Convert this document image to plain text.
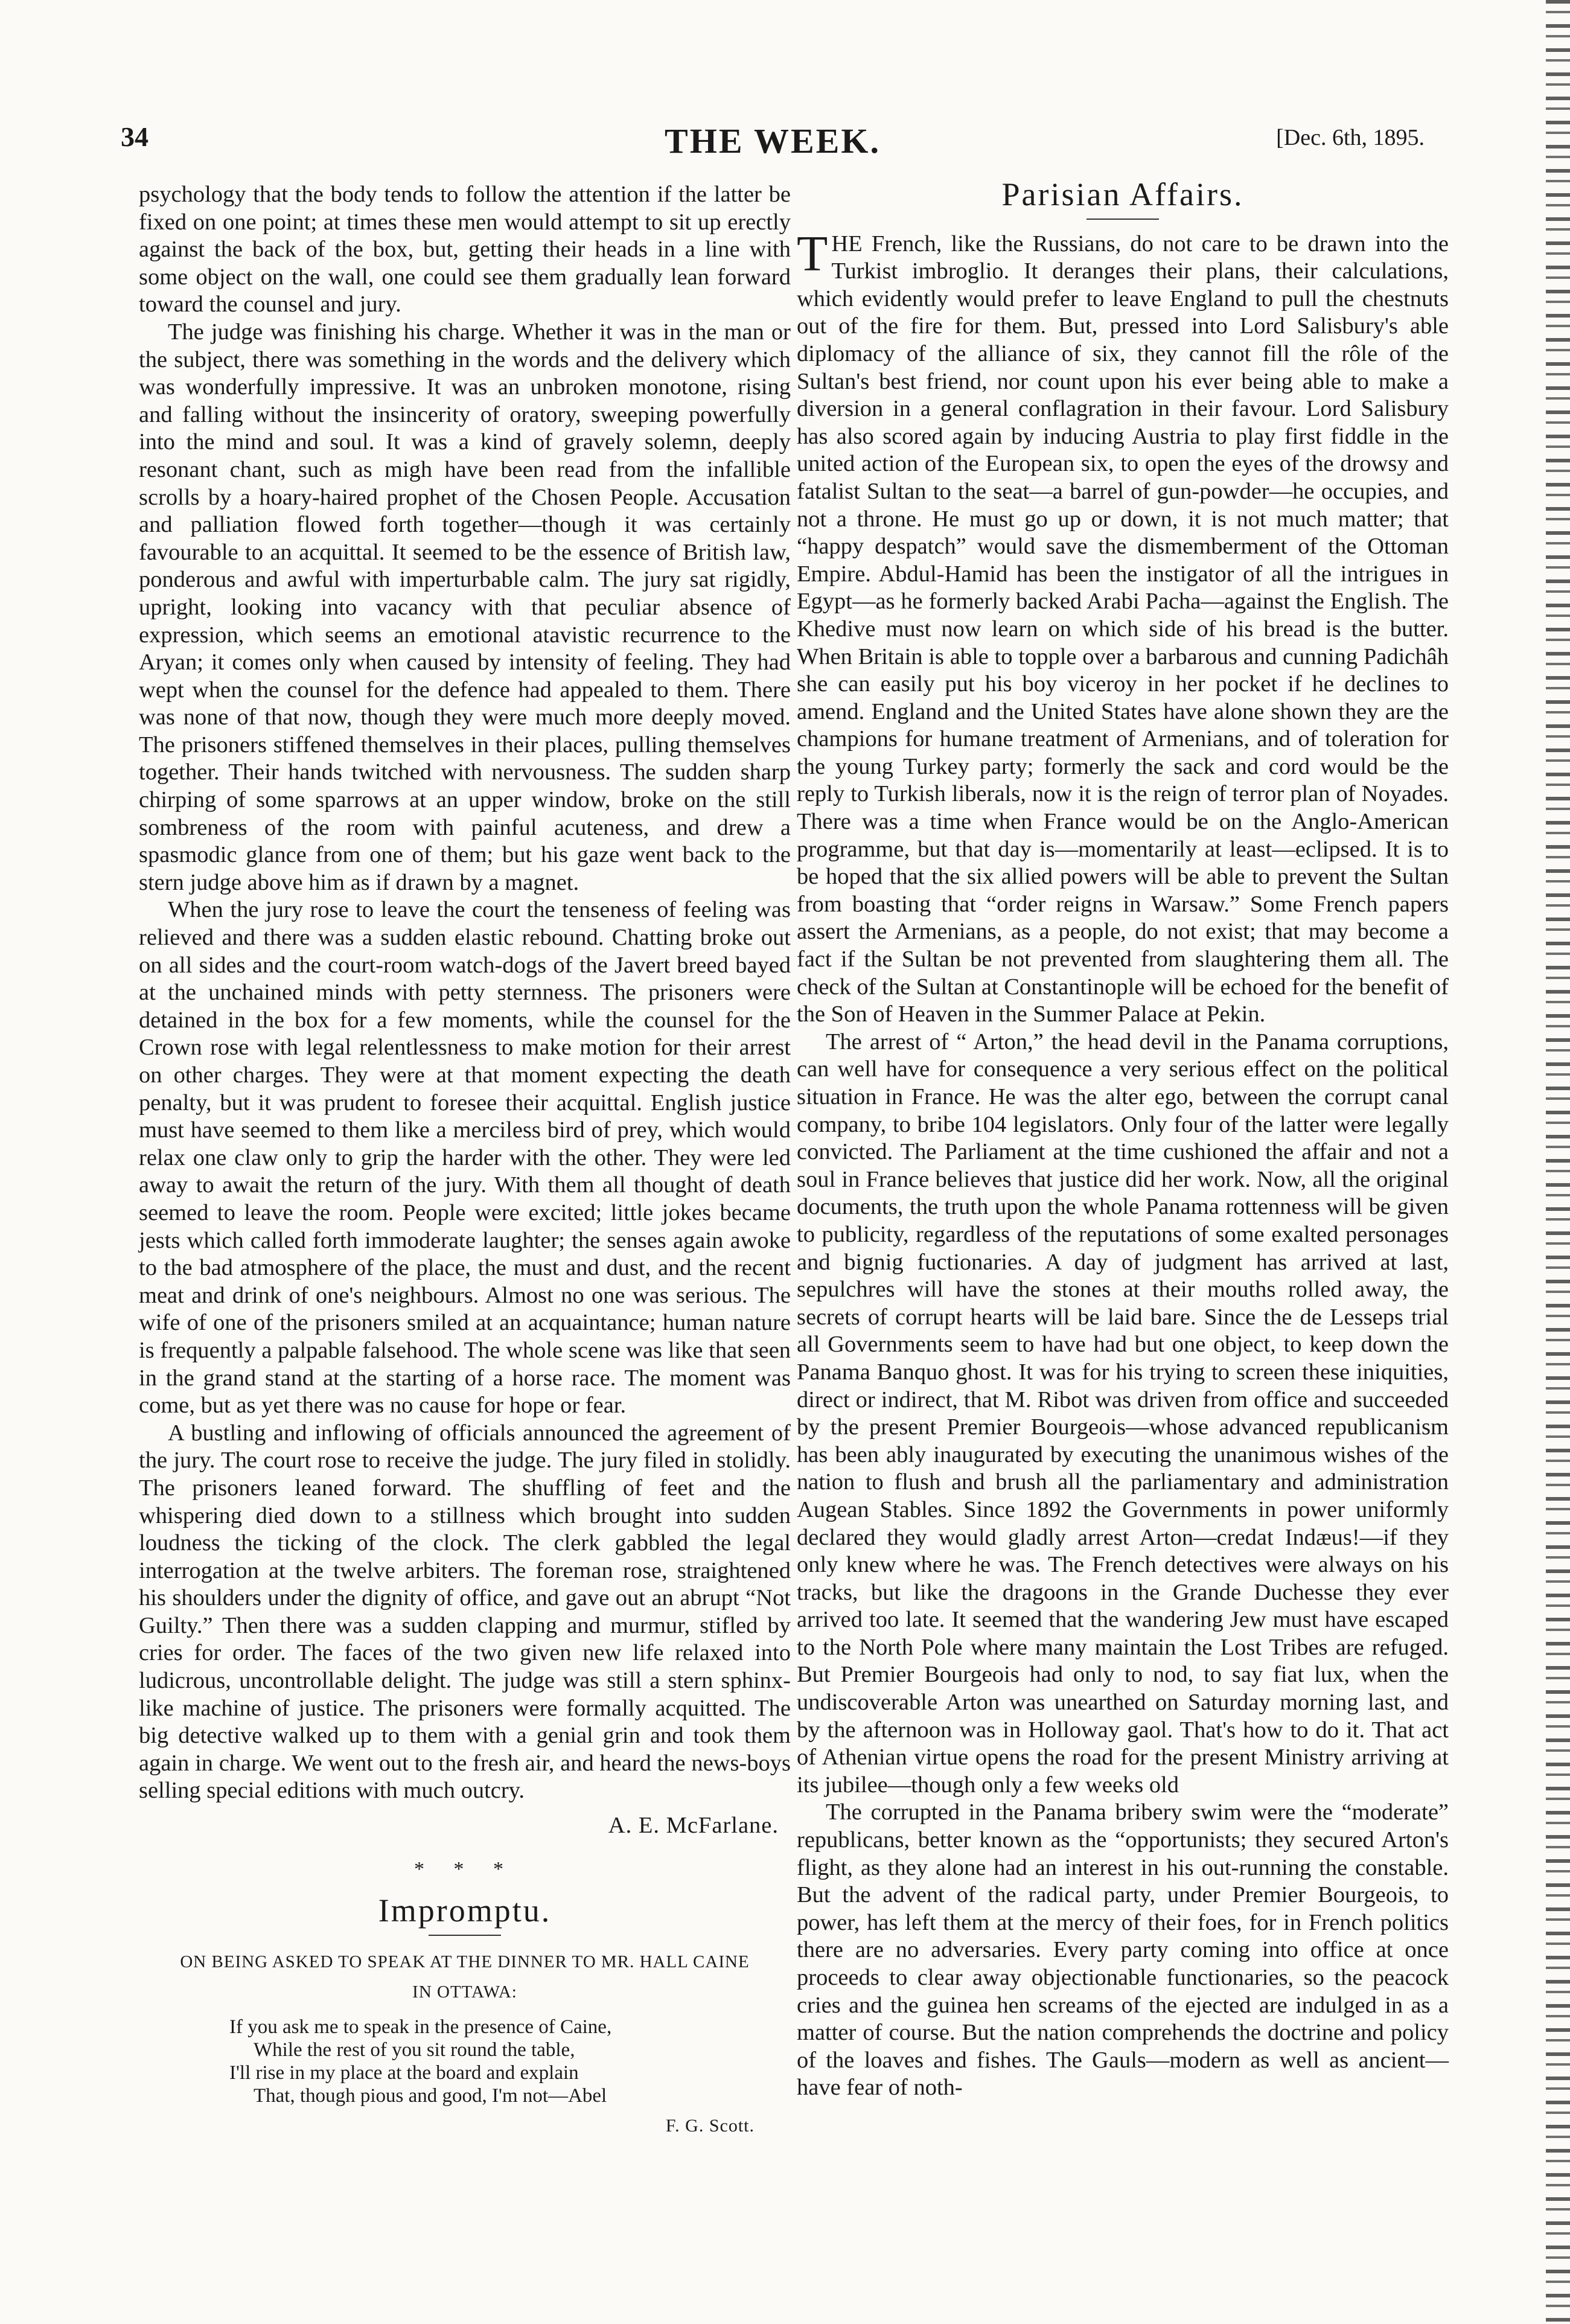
34	THE WEEK.	[Dec. 6th, 1895.

psychology that the body tends to follow the attention if the latter be fixed on one point; at times these men would attempt to sit up erectly against the back of the box, but, getting their heads in a line with some object on the wall, one could see them gradually lean forward toward the counsel and jury.

The judge was finishing his charge. Whether it was in the man or the subject, there was something in the words and the delivery which was wonderfully impressive. It was an unbroken monotone, rising and falling without the insincerity of oratory, sweeping powerfully into the mind and soul. It was a kind of gravely solemn, deeply resonant chant, such as migh have been read from the infallible scrolls by a hoary-haired prophet of the Chosen People. Accusation and palliation flowed forth together—though it was certainly favourable to an acquittal. It seemed to be the essence of British law, ponderous and awful with imperturbable calm. The jury sat rigidly, upright, looking into vacancy with that peculiar absence of expression, which seems an emotional atavistic recurrence to the Aryan; it comes only when caused by intensity of feeling. They had wept when the counsel for the defence had appealed to them. There was none of that now, though they were much more deeply moved. The prisoners stiffened themselves in their places, pulling themselves together. Their hands twitched with nervousness. The sudden sharp chirping of some sparrows at an upper window, broke on the still sombreness of the room with painful acuteness, and drew a spasmodic glance from one of them; but his gaze went back to the stern judge above him as if drawn by a magnet.

When the jury rose to leave the court the tenseness of feeling was relieved and there was a sudden elastic rebound. Chatting broke out on all sides and the court-room watch-dogs of the Javert breed bayed at the unchained minds with petty sternness. The prisoners were detained in the box for a few moments, while the counsel for the Crown rose with legal relentlessness to make motion for their arrest on other charges. They were at that moment expecting the death penalty, but it was prudent to foresee their acquittal. English justice must have seemed to them like a merciless bird of prey, which would relax one claw only to grip the harder with the other. They were led away to await the return of the jury. With them all thought of death seemed to leave the room. People were excited; little jokes became jests which called forth immoderate laughter; the senses again awoke to the bad atmosphere of the place, the must and dust, and the recent meat and drink of one's neighbours. Almost no one was serious. The wife of one of the prisoners smiled at an acquaintance; human nature is frequently a palpable falsehood. The whole scene was like that seen in the grand stand at the starting of a horse race. The moment was come, but as yet there was no cause for hope or fear.

A bustling and inflowing of officials announced the agreement of the jury. The court rose to receive the judge. The jury filed in stolidly. The prisoners leaned forward. The shuffling of feet and the whispering died down to a stillness which brought into sudden loudness the ticking of the clock. The clerk gabbled the legal interrogation at the twelve arbiters. The foreman rose, straightened his shoulders under the dignity of office, and gave out an abrupt “Not Guilty.” Then there was a sudden clapping and murmur, stifled by cries for order. The faces of the two given new life relaxed into ludicrous, uncontrollable delight. The judge was still a stern sphinx-like machine of justice. The prisoners were formally acquitted. The big detective walked up to them with a genial grin and took them again in charge. We went out to the fresh air, and heard the news-boys selling special editions with much outcry.

A. E. McFarlane.
* * *
Impromptu.
ON BEING ASKED TO SPEAK AT THE DINNER TO MR. HALL CAINE
IN OTTAWA:
If you ask me to speak in the presence of Caine,
While the rest of you sit round the table,
I'll rise in my place at the board and explain
That, though pious and good, I'm not—Abel
F. G. Scott.
Parisian Affairs.

THE French, like the Russians, do not care to be drawn into the Turkist imbroglio. It deranges their plans, their calculations, which evidently would prefer to leave England to pull the chestnuts out of the fire for them. But, pressed into Lord Salisbury's able diplomacy of the alliance of six, they cannot fill the rôle of the Sultan's best friend, nor count upon his ever being able to make a diversion in a general conflagration in their favour. Lord Salisbury has also scored again by inducing Austria to play first fiddle in the united action of the European six, to open the eyes of the drowsy and fatalist Sultan to the seat—a barrel of gun-powder—he occupies, and not a throne. He must go up or down, it is not much matter; that “happy despatch” would save the dismemberment of the Ottoman Empire. Abdul-Hamid has been the instigator of all the intrigues in Egypt—as he formerly backed Arabi Pacha—against the English. The Khedive must now learn on which side of his bread is the butter. When Britain is able to topple over a barbarous and cunning Padichâh she can easily put his boy viceroy in her pocket if he declines to amend. England and the United States have alone shown they are the champions for humane treatment of Armenians, and of toleration for the young Turkey party; formerly the sack and cord would be the reply to Turkish liberals, now it is the reign of terror plan of Noyades. There was a time when France would be on the Anglo-American programme, but that day is—momentarily at least—eclipsed. It is to be hoped that the six allied powers will be able to prevent the Sultan from boasting that “order reigns in Warsaw.” Some French papers assert the Armenians, as a people, do not exist; that may become a fact if the Sultan be not prevented from slaughtering them all. The check of the Sultan at Constantinople will be echoed for the benefit of the Son of Heaven in the Summer Palace at Pekin.

The arrest of “ Arton,” the head devil in the Panama corruptions, can well have for consequence a very serious effect on the political situation in France. He was the alter ego, between the corrupt canal company, to bribe 104 legislators. Only four of the latter were legally convicted. The Parliament at the time cushioned the affair and not a soul in France believes that justice did her work. Now, all the original documents, the truth upon the whole Panama rottenness will be given to publicity, regardless of the reputations of some exalted personages and bignig fuctionaries. A day of judgment has arrived at last, sepulchres will have the stones at their mouths rolled away, the secrets of corrupt hearts will be laid bare. Since the de Lesseps trial all Governments seem to have had but one object, to keep down the Panama Banquo ghost. It was for his trying to screen these iniquities, direct or indirect, that M. Ribot was driven from office and succeeded by the present Premier Bourgeois—whose advanced republicanism has been ably inaugurated by executing the unanimous wishes of the nation to flush and brush all the parliamentary and administration Augean Stables. Since 1892 the Governments in power uniformly declared they would gladly arrest Arton—credat Indæus!—if they only knew where he was. The French detectives were always on his tracks, but like the dragoons in the Grande Duchesse they ever arrived too late. It seemed that the wandering Jew must have escaped to the North Pole where many maintain the Lost Tribes are refuged. But Premier Bourgeois had only to nod, to say fiat lux, when the undiscoverable Arton was unearthed on Saturday morning last, and by the afternoon was in Holloway gaol. That's how to do it. That act of Athenian virtue opens the road for the present Ministry arriving at its jubilee—though only a few weeks old

The corrupted in the Panama bribery swim were the “moderate” republicans, better known as the “opportunists; they secured Arton's flight, as they alone had an interest in his out-running the constable. But the advent of the radical party, under Premier Bourgeois, to power, has left them at the mercy of their foes, for in French politics there are no adversaries. Every party coming into office at once proceeds to clear away objectionable functionaries, so the peacock cries and the guinea hen screams of the ejected are indulged in as a matter of course. But the nation comprehends the doctrine and policy of the loaves and fishes. The Gauls—modern as well as ancient—have fear of noth-
